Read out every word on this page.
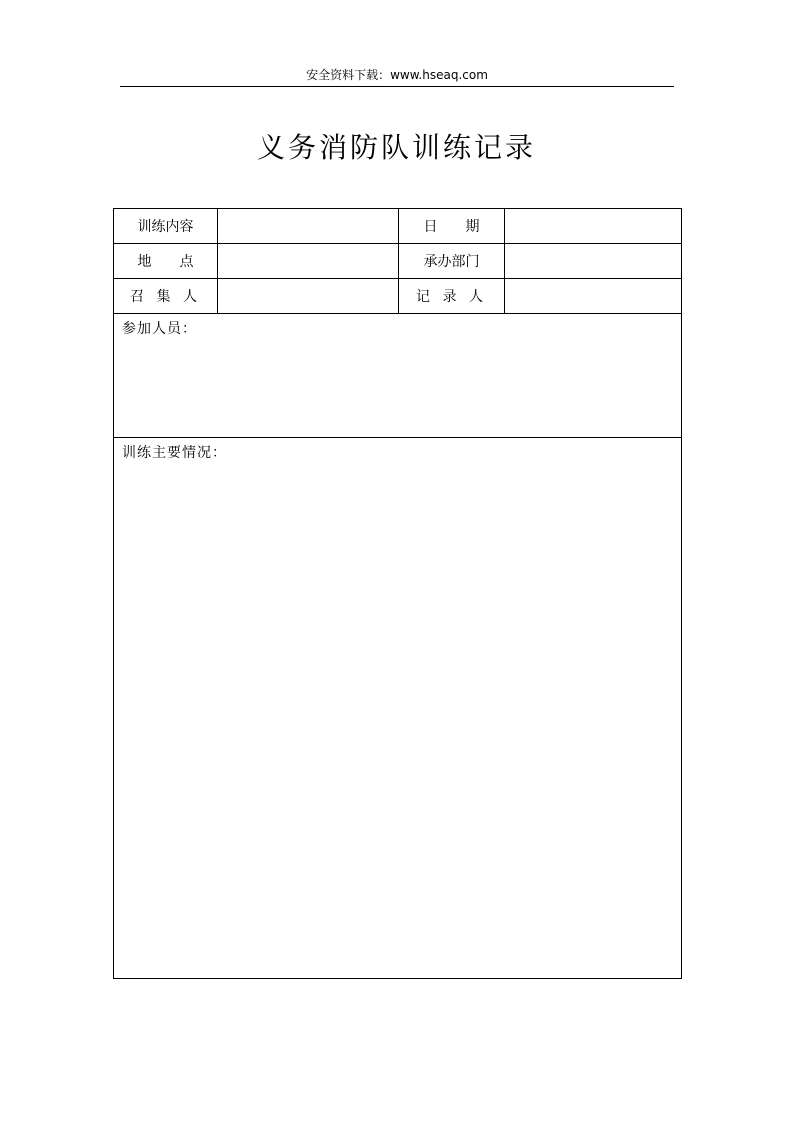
安全资料下载：www.hseaq.com
义务消防队训练记录
训练内容	日　　期
地　　点	承办部门
召 集 人	记 录 人
参加人员：
训练主要情况：
